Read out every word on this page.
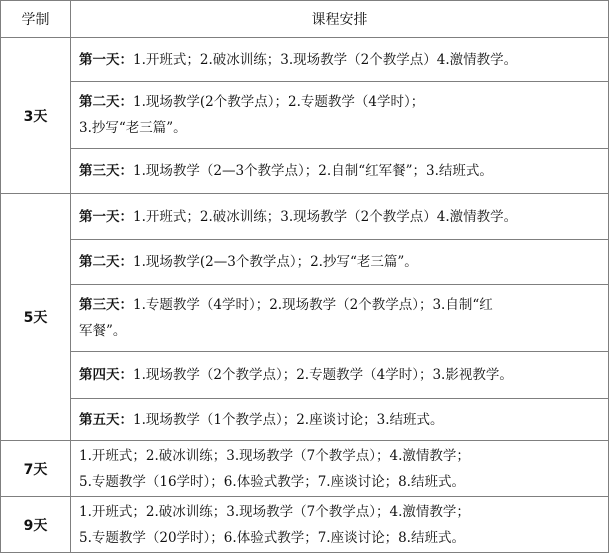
学制	课程安排
3天	第一天：1.开班式；2.破冰训练；3.现场教学（2个教学点）4.激情教学。
	第二天：1.现场教学(2个教学点）；2.专题教学（4学时）；
3.抄写“老三篇”。

	第三天：1.现场教学（2—3个教学点）；2.自制“红军餐”；3.结班式。
5天	第一天：1.开班式；2.破冰训练；3.现场教学（2个教学点）4.激情教学。
	第二天：1.现场教学(2—3个教学点）；2.抄写“老三篇”。
	第三天：1.专题教学（4学时）；2.现场教学（2个教学点）；3.自制“红
军餐”。

	第四天：1.现场教学（2个教学点）；2.专题教学（4学时）；3.影视教学。
	第五天：1.现场教学（1个教学点）；2.座谈讨论；3.结班式。
7天	1.开班式；2.破冰训练；3.现场教学（7个教学点）；4.激情教学；
5.专题教学（16学时）；6.体验式教学；7.座谈讨论；8.结班式。

9天	1.开班式；2.破冰训练；3.现场教学（7个教学点）；4.激情教学；
5.专题教学（20学时）；6.体验式教学；7.座谈讨论；8.结班式。
